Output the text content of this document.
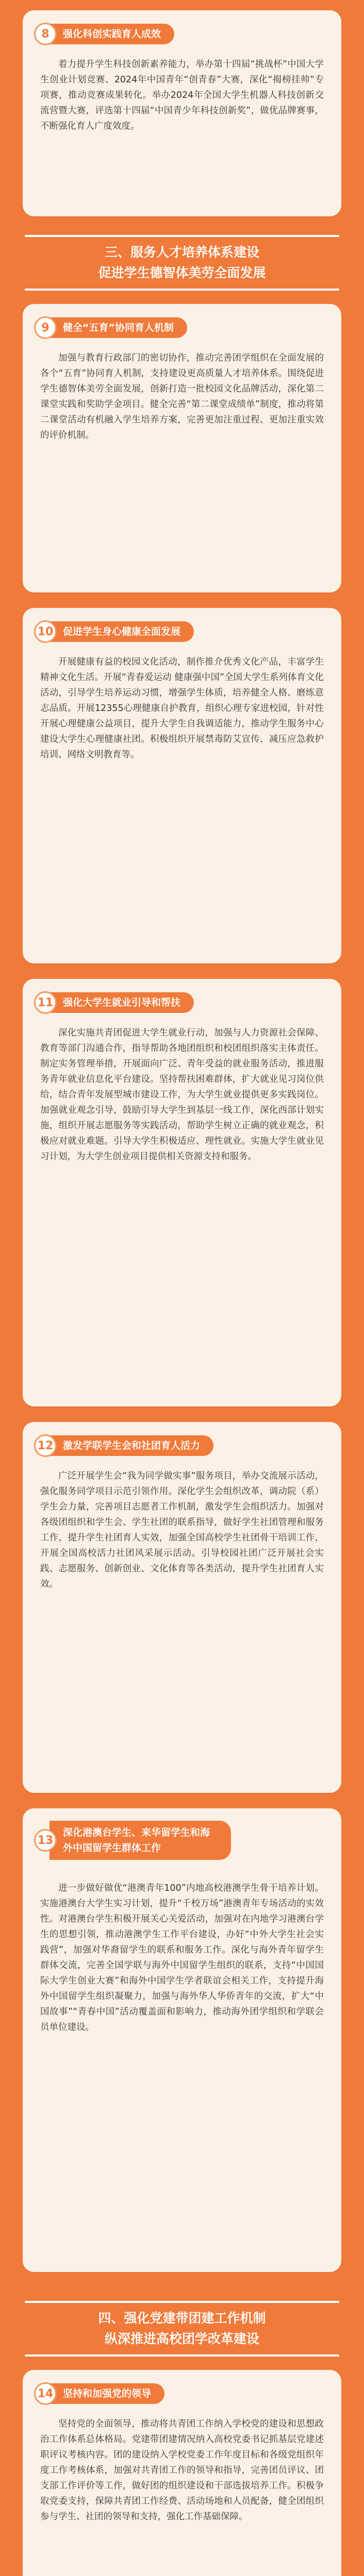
8	强化科创实践育人成效
着力提升学生科技创新素养能力，举办第十四届“挑战杯”中国大学生创业计划竞赛、2024年中国青年“创青春”大赛，深化“揭榜挂帅”专项赛，推动竞赛成果转化。举办2024年全国大学生机器人科技创新交流营暨大赛，评选第十四届“中国青少年科技创新奖”，做优品牌赛事，不断强化育人广度效度。
三、服务人才培养体系建设
促进学生德智体美劳全面发展
9	健全“五育”协同育人机制
加强与教育行政部门的密切协作，推动完善团学组织在全面发展的各个“五育”协同育人机制，支持建设更高质量人才培养体系。围绕促进学生德智体美劳全面发展，创新打造一批校园文化品牌活动，深化第二课堂实践和奖助学金项目。健全完善“第二课堂成绩单”制度，推动将第二课堂活动有机融入学生培养方案，完善更加注重过程、更加注重实效的评价机制。
10 促进学生身心健康全面发展
开展健康有益的校园文化活动，制作推介优秀文化产品，丰富学生精神文化生活。开展“青春爱运动 健康强中国”全国大学生系列体育文化活动，引导学生培养运动习惯，增强学生体质，培养健全人格、磨练意志品质。开展12355心理健康自护教育，组织心理专家进校园，针对性开展心理健康公益项目，提升大学生自我调适能力，推动学生服务中心建设大学生心理健康社团。积极组织开展禁毒防艾宣传、减压应急救护培训、网络文明教育等。
11 强化大学生就业引导和帮扶
深化实施共青团促进大学生就业行动，加强与人力资源社会保障、教育等部门沟通合作，指导帮助各地团组织和校团组织落实主体责任。制定实务管理举措，开展面向广泛、青年受益的就业服务活动，推进服务青年就业信息化平台建设。坚持帮扶困难群体，扩大就业见习岗位供给，结合青年发展型城市建设工作，为大学生就业提供更多实践岗位。加强就业观念引导，鼓励引导大学生到基层一线工作，深化西部计划实施，组织开展志愿服务等实践活动，帮助学生树立正确的就业观念，积极应对就业难题。引导大学生积极适应、理性就业。实施大学生就业见习计划，为大学生创业项目提供相关资源支持和服务。
12 激发学联学生会和社团育人活力
广泛开展学生会“我为同学做实事”服务项目，举办交流展示活动，强化服务同学项目示范引领作用。深化学生会组织改革，调动院（系）学生会力量，完善项目志愿者工作机制，激发学生会组织活力。加强对各级团组织和学生会、学生社团的联系指导，做好学生社团管理和服务工作，提升学生社团育人实效，加强全国高校学生社团骨干培训工作，开展全国高校活力社团风采展示活动。引导校园社团广泛开展社会实践、志愿服务、创新创业、文化体育等各类活动，提升学生社团育人实效。
13
深化港澳台学生、来华留学生和海外中国留学生群体工作
进一步做好做优“港澳青年100”内地高校港澳学生骨干培养计划。实施港澳台大学生实习计划，提升“千校万场”港澳青年专场活动的实效性。对港澳台学生积极开展关心关爱活动，加强对在内地学习港澳台学生的思想引领，推动港澳学生工作平台建设，办好“中外大学生社会实践营”，加强对华裔留学生的联系和服务工作。深化与海外青年留学生群体交流，完善全国学联与海外中国留学生组织的联系，支持“中国国际大学生创业大赛”和海外中国学生学者联谊会相关工作，支持提升海外中国留学生组织凝聚力，加强与海外华人华侨青年的交流，扩大“中国故事”“青春中国”活动覆盖面和影响力，推动海外团学组织和学联会员单位建设。
四、强化党建带团建工作机制
纵深推进高校团学改革建设
14 坚持和加强党的领导
坚持党的全面领导，推动将共青团工作纳入学校党的建设和思想政治工作体系总体格局。党建带团建情况纳入高校党委书记抓基层党建述职评议考核内容。团的建设纳入学校党委工作年度目标和各级党组织年度工作考核体系，加强对共青团工作的领导和指导，完善团员评议、团支部工作评价等工作，做好团的组织建设和干部选拔培养工作。积极争取党委支持，保障共青团工作经费、活动场地和人员配备，健全团组织参与学生、社团的领导和支持，强化工作基础保障。
